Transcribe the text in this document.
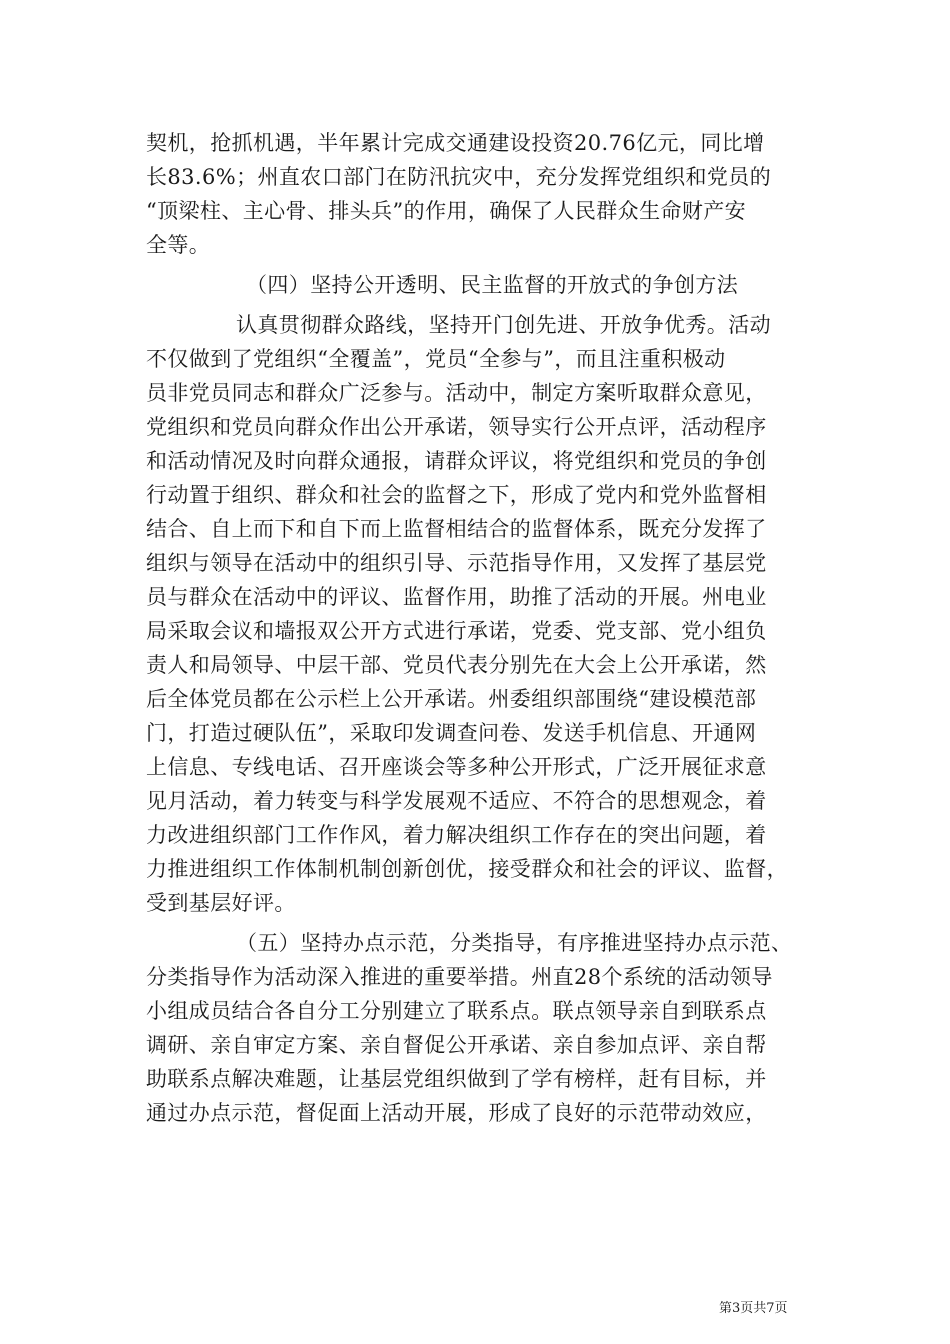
契机，抢抓机遇，半年累计完成交通建设投资20.76亿元，同比增
长83.6%；州直农口部门在防汛抗灾中，充分发挥党组织和党员的
“顶梁柱、主心骨、排头兵”的作用，确保了人民群众生命财产安
全等。
（四）坚持公开透明、民主监督的开放式的争创方法
认真贯彻群众路线，坚持开门创先进、开放争优秀。活动
不仅做到了党组织“全覆盖”，党员“全参与”，而且注重积极动
员非党员同志和群众广泛参与。活动中，制定方案听取群众意见，
党组织和党员向群众作出公开承诺，领导实行公开点评，活动程序
和活动情况及时向群众通报，请群众评议，将党组织和党员的争创
行动置于组织、群众和社会的监督之下，形成了党内和党外监督相
结合、自上而下和自下而上监督相结合的监督体系，既充分发挥了
组织与领导在活动中的组织引导、示范指导作用，又发挥了基层党
员与群众在活动中的评议、监督作用，助推了活动的开展。州电业
局采取会议和墙报双公开方式进行承诺，党委、党支部、党小组负
责人和局领导、中层干部、党员代表分别先在大会上公开承诺，然
后全体党员都在公示栏上公开承诺。州委组织部围绕“建设模范部
门，打造过硬队伍”，采取印发调查问卷、发送手机信息、开通网
上信息、专线电话、召开座谈会等多种公开形式，广泛开展征求意
见月活动，着力转变与科学发展观不适应、不符合的思想观念，着
力改进组织部门工作作风，着力解决组织工作存在的突出问题，着
力推进组织工作体制机制创新创优，接受群众和社会的评议、监督，
受到基层好评。
（五）坚持办点示范，分类指导，有序推进坚持办点示范、
分类指导作为活动深入推进的重要举措。州直28个系统的活动领导
小组成员结合各自分工分别建立了联系点。联点领导亲自到联系点
调研、亲自审定方案、亲自督促公开承诺、亲自参加点评、亲自帮
助联系点解决难题，让基层党组织做到了学有榜样，赶有目标，并
通过办点示范，督促面上活动开展，形成了良好的示范带动效应，
第3页共7页
